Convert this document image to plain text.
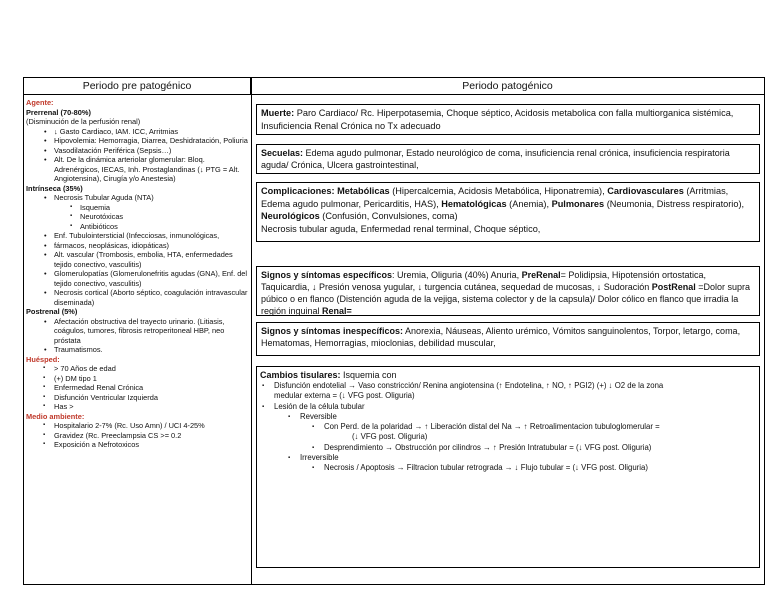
Periodo pre patogénico	Periodo patogénico
Agente:
Prerrenal (70-80%)
(Disminución de la perfusión renal)
• ↓ Gasto Cardiaco, IAM. ICC, Arritmias
• Hipovolemia: Hemorragia, Diarrea, Deshidratación, Poliuria
• Vasodilatación Periférica (Sepsis…)
• Alt. De la dinámica arteriolar glomerular: Bloq. Adrenérgicos, IECAS, Inh. Prostaglandinas (↓ PTG = Alt. Angiotensina), Cirugía y/o Anestesia)
Intrínseca (35%)
• Necrosis Tubular Aguda (NTA)
▪ Isquemia
▪ Neurotóxicas
▪ Antibióticos
• Enf. Tubulointersticial (Infecciosas, inmunológicas,
• fármacos, neoplásicas, idiopáticas)
• Alt. vascular (Trombosis, embolia, HTA, enfermedades tejido conectivo, vasculitis)
• Glomerulopatías (Glomerulonefritis agudas (GNA), Enf. del tejido conectivo, vasculitis)
• Necrosis cortical (Aborto séptico, coagulación intravascular diseminada)
Postrenal (5%)
• Afectación obstructiva del trayecto urinario. (Litiasis, coágulos, tumores, fibrosis retroperitoneal HBP, neo próstata
• Traumatismos.
Huésped:
▪ > 70 Años de edad
▪ (+) DM tipo 1
▪ Enfermedad Renal Crónica
▪ Disfunción Ventricular Izquierda
▪ Has >
Medio ambiente:
▪ Hospitalario 2-7% (Rc. Uso Amn) / UCI 4-25%
▪ Gravidez (Rc. Preeclampsia CS >= 0.2
▪ Exposición a Nefrotoxicos
Muerte: Paro Cardiaco/ Rc. Hiperpotasemia, Choque séptico, Acidosis metabolica con falla multiorganica sistémica, Insuficiencia Renal Crónica no Tx adecuado
Secuelas: Edema agudo pulmonar, Estado neurológico de coma, insuficiencia renal crónica, insuficiencia respiratoria aguda/ Crónica, Ulcera gastrointestinal,
Complicaciones: Metabólicas (Hipercalcemia, Acidosis Metabólica, Hiponatremia), Cardiovasculares (Arritmias, Edema agudo pulmonar, Pericarditis, HAS), Hematológicas (Anemia), Pulmonares (Neumonia, Distress respiratorio), Neurológicos (Confusión, Convulsiones, coma)
Necrosis tubular aguda, Enfermedad renal terminal, Choque séptico,
Signos y síntomas específicos: Uremia, Oliguria (40%) Anuria, PreRenal= Polidipsia, Hipotensión ortostatica, Taquicardia, ↓ Presión venosa yugular, ↓ turgencia cutánea, sequedad de mucosas, ↓ Sudoración PostRenal =Dolor supra púbico o en flanco (Distención aguda de la vejiga, sistema colector y de la capsula)/ Dolor cólico en flanco que irradia la región inguinal Renal=
Signos y síntomas inespecíficos: Anorexia, Náuseas, Aliento urémico, Vómitos sanguinolentos, Torpor, letargo, coma, Hematomas, Hemorragias, mioclonias, debilidad muscular,
Cambios tisulares: Isquemia con
▪ Disfunción endotelial → Vaso constricción/ Renina angiotensina (↑ Endotelina, ↑ NO, ↑ PGI2) (+) ↓ O2 de la zona
medular externa = (↓ VFG post. Oliguria)
▪ Lesión de la célula tubular
▪ Reversible
▪ Con Perd. de la polaridad → ↑ Liberación distal del Na → ↑ Retroalimentacion tubuloglomerular =
(↓ VFG post. Oliguria)
▪ Desprendimiento → Obstrucción por cilindros → ↑ Presión Intratubular = (↓ VFG post. Oliguria)
▪ Irreversible
▪ Necrosis / Apoptosis → Filtracion tubular retrograda → ↓ Flujo tubular = (↓ VFG post. Oliguria)
